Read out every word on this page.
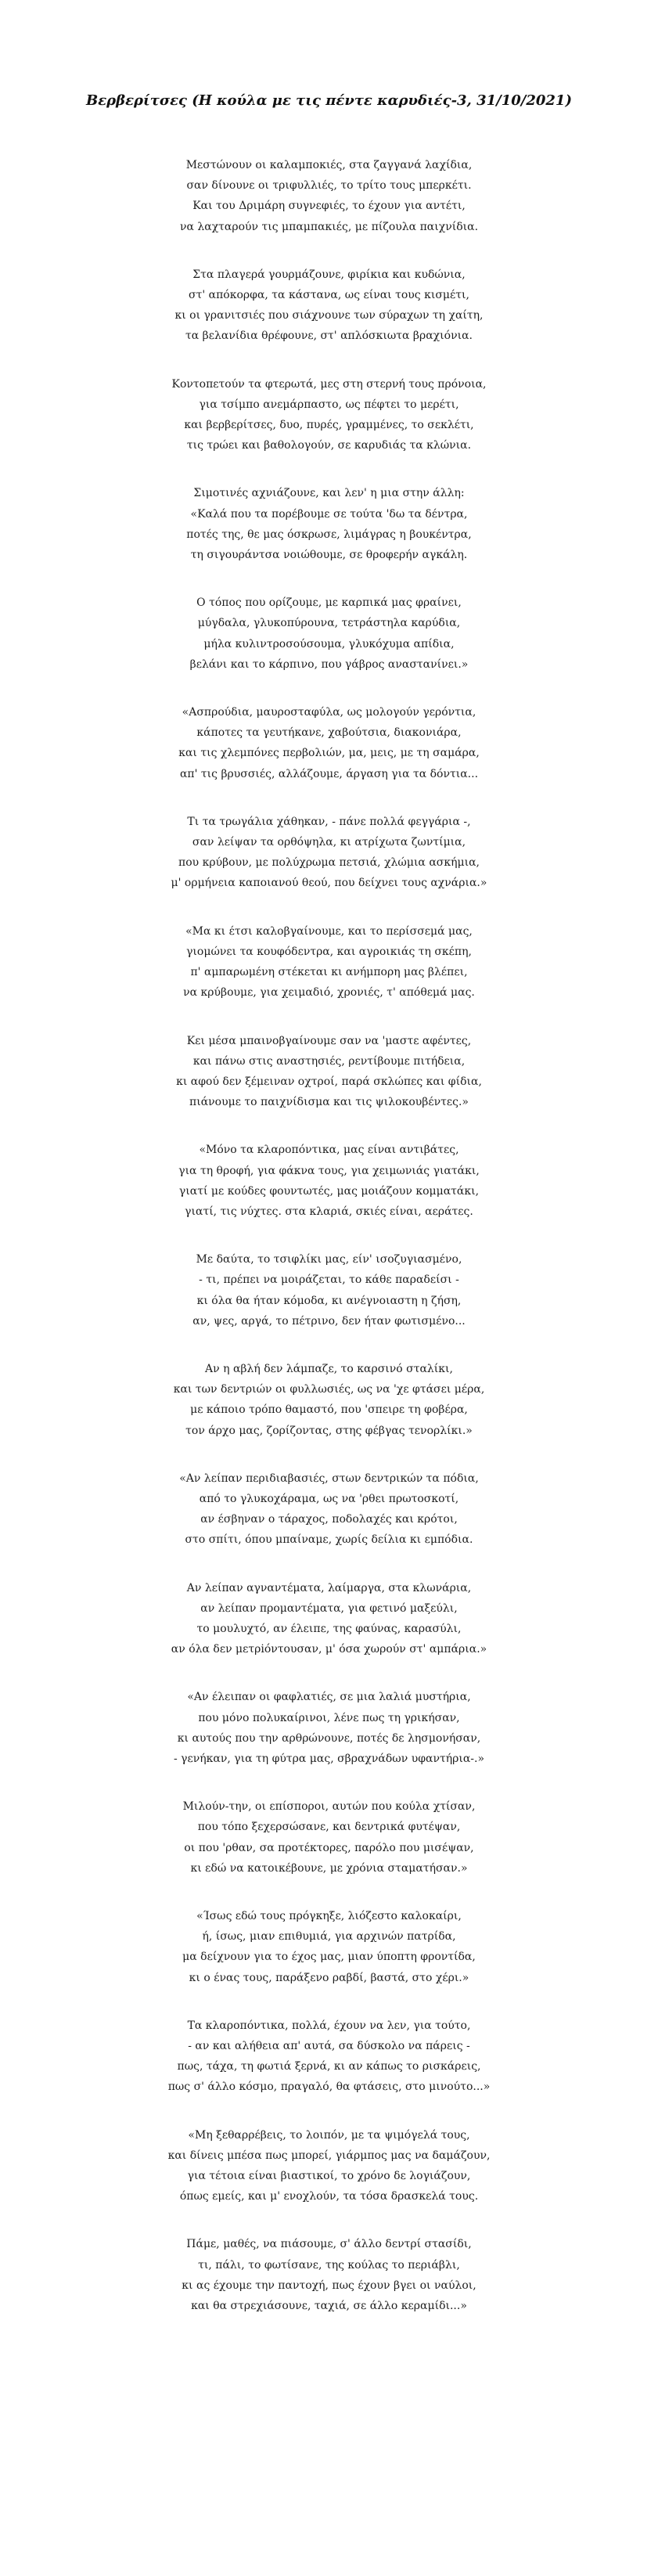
Βερβερίτσες (Η κούλα με τις πέντε καρυδιές-3, 31/10/2021)
Μεστώνουν οι καλαμποκιές, στα ζαγγανά λαχίδια,
σαν δίνουνε οι τριφυλλιές, το τρίτο τους μπερκέτι.
Και του Δριμάρη συγνεφιές, το έχουν για αντέτι,
να λαχταρούν τις μπαμπακιές, με πίζουλα παιχνίδια.
Στα πλαγερά γουρμάζουνε, φιρίκια και κυδώνια,
στ' απόκορφα, τα κάστανα, ως είναι τους κισμέτι,
κι οι γρανιτσιές που σιάχνουνε των σύραχων τη χαίτη,
τα βελανίδια θρέφουνε, στ' απλόσκιωτα βραχιόνια.
Κοντοπετούν τα φτερωτά, μες στη στερνή τους πρόνοια,
για τσίμπο ανεμάρπαστο, ως πέφτει το μερέτι,
και βερβερίτσες, δυο, πυρές, γραμμένες, το σεκλέτι,
τις τρώει και βαθολογούν, σε καρυδιάς τα κλώνια.
Σιμοτινές αχνιάζουνε, και λεν' η μια στην άλλη:
«Καλά που τα πορέβουμε σε τούτα 'δω τα δέντρα,
ποτές της, θε μας όσκρωσε, λιμάγρας η βουκέντρα,
τη σιγουράντσα νοιώθουμε, σε θροφερήν αγκάλη.
Ο τόπος που ορίζουμε, με καρπικά μας φραίνει,
μύγδαλα, γλυκοπύρουνα, τετράστηλα καρύδια,
μήλα κυλιντροσούσουμα, γλυκόχυμα απίδια,
βελάνι και το κάρπινο, που γάβρος αναστανίνει.»
«Ασπρούδια, μαυροσταφύλα, ως μολογούν γερόντια,
κάποτες τα γευτήκανε, χαβούτσια, διακονιάρα,
και τις χλεμπόνες περβολιών, μα, μεις, με τη σαμάρα,
απ' τις βρυσσιές, αλλάζουμε, άργαση για τα δόντια...
Τι τα τρωγάλια χάθηκαν, - πάνε πολλά φεγγάρια -,
σαν λείψαν τα ορθόψηλα, κι ατρίχωτα ζωντίμια,
που κρύβουν, με πολύχρωμα πετσιά, χλώμια ασκήμια,
μ' ορμήνεια καποιανού θεού, που δείχνει τους αχνάρια.»
«Μα κι έτσι καλοβγαίνουμε, και το περίσσεμά μας,
γιομώνει τα κουφόδεντρα, και αγροικιάς τη σκέπη,
π' αμπαρωμένη στέκεται κι ανήμπορη μας βλέπει,
να κρύβουμε, για χειμαδιό, χρονιές, τ' απόθεμά μας.
Κει μέσα μπαινοβγαίνουμε σαν να 'μαστε αφέντες,
και πάνω στις αναστησιές, ρεντίβουμε πιτήδεια,
κι αφού δεν ξέμειναν οχτροί, παρά σκλώπες και φίδια,
πιάνουμε το παιχνίδισμα και τις ψιλοκουβέντες.»
«Μόνο τα κλαροπόντικα, μας είναι αντιβάτες,
για τη θροφή, για φάκνα τους, για χειμωνιάς γιατάκι,
γιατί με κούδες φουντωτές, μας μοιάζουν κομματάκι,
γιατί, τις νύχτες. στα κλαριά, σκιές είναι, αεράτες.
Με δαύτα, το τσιφλίκι μας, είν' ισοζυγιασμένο,
- τι, πρέπει να μοιράζεται, το κάθε παραδείσι -
κι όλα θα ήταν κόμοδα, κι ανέγνοιαστη η ζήση,
αν, ψες, αργά, το πέτρινο, δεν ήταν φωτισμένο...
Αν η αβλή δεν λάμπαζε, το καρσινό σταλίκι,
και των δεντριών οι φυλλωσιές, ως να 'χε φτάσει μέρα,
με κάποιο τρόπο θαμαστό, που 'σπειρε τη φοβέρα,
τον άρχο μας, ζορίζοντας, στης φέβγας τενορλίκι.»
«Αν λείπαν περιδιαβασιές, στων δεντρικών τα πόδια,
από το γλυκοχάραμα, ως να 'ρθει πρωτοσκοτί,
αν έσβηναν ο τάραχος, ποδολαχές και κρότοι,
στο σπίτι, όπου μπαίναμε, χωρίς δείλια κι εμπόδια.
Αν λείπαν αγναντέματα, λαίμαργα, στα κλωνάρια,
αν λείπαν προμαντέματα, για φετινό μαξεύλι,
το μουλυχτό, αν έλειπε, της φαύνας, καρασύλι,
αν όλα δεν μετρiόντουσαν, μ' όσα χωρούν στ' αμπάρια.»
«Αν έλειπαν οι φαφλατιές, σε μια λαλιά μυστήρια,
που μόνο πολυκαίρινοι, λένε πως τη γρικήσαν,
κι αυτούς που την αρθρώνουνε, ποτές δε λησμονήσαν,
- γενήκαν, για τη φύτρα μας, σβραχνάδων υφαντήρια-.»
Μιλούν-την, οι επίσποροι, αυτών που κούλα χτίσαν,
που τόπο ξεχερσώσανε, και δεντρικά φυτέψαν,
οι που 'ρθαν, σα προτέκτορες, παρόλο που μισέψαν,
κι εδώ να κατοικέβουνε, με χρόνια σταματήσαν.»
«Ίσως εδώ τους πρόγκηξε, λιόζεστο καλοκαίρι,
ή, ίσως, μιαν επιθυμιά, για αρχινών πατρίδα,
μα δείχνουν για το έχος μας, μιαν ύποπτη φροντίδα,
κι ο ένας τους, παράξενο ραβδί, βαστά, στο χέρι.»
Τα κλαροπόντικα, πολλά, έχουν να λεν, για τούτο,
- αν και αλήθεια απ' αυτά, σα δύσκολο να πάρεις -
πως, τάχα, τη φωτιά ξερνά, κι αν κάπως το ρισκάρεις,
πως σ' άλλο κόσμο, πραγαλό, θα φτάσεις, στο μινούτο...»
«Μη ξεθαρρέβεις, το λοιπόν, με τα ψιμόγελά τους,
και δίνεις μπέσα πως μπορεί, γιάρμπος μας να δαμάζουν,
για τέτοια είναι βιαστικοί, το χρόνο δε λογιάζουν,
όπως εμείς, και μ' ενοχλούν, τα τόσα δρασκελά τους.
Πάμε, μαθές, να πιάσουμε, σ' άλλο δεντρί στασίδι,
τι, πάλι, το φωτίσανε, της κούλας το περιάβλι,
κι ας έχουμε την παντοχή, πως έχουν βγει οι ναύλοι,
και θα στρεχιάσουνε, ταχιά, σε άλλο κεραμίδι...»
